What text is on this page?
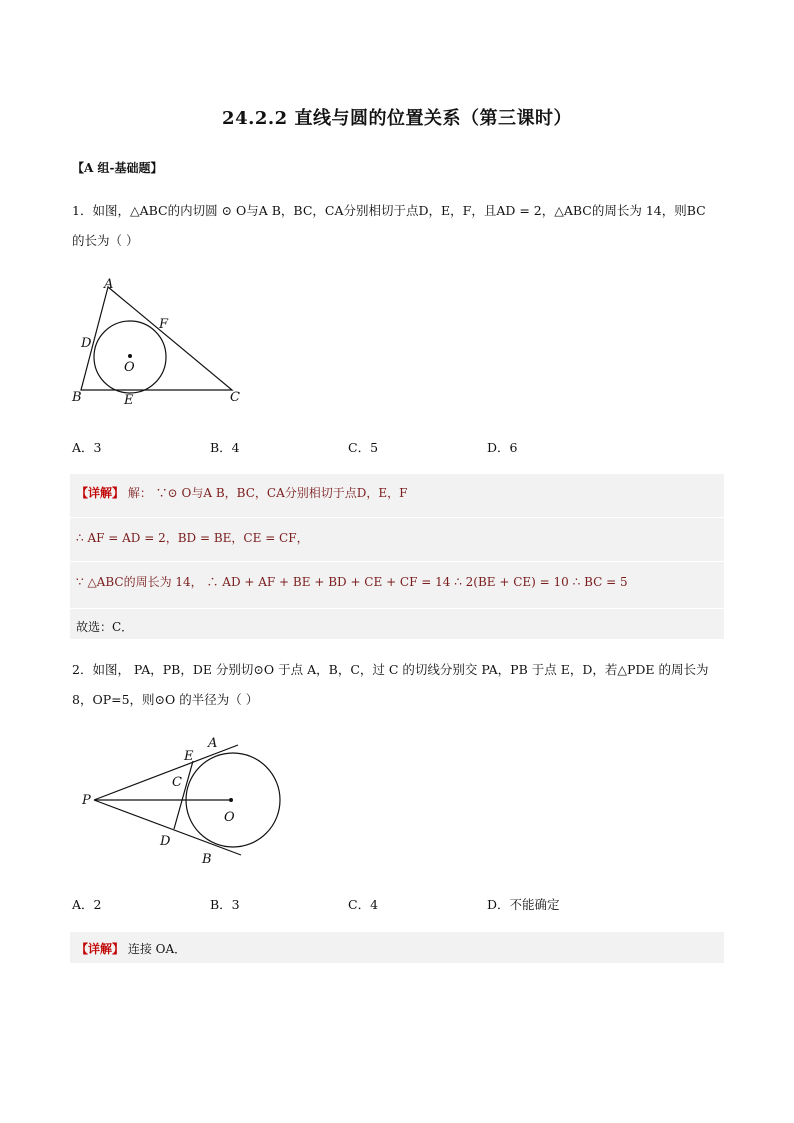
24.2.2 直线与圆的位置关系（第三课时）
【A 组-基础题】
1．如图，△ABC的内切圆 ⊙ O与A B，BC，CA分别相切于点D，E，F，且AD = 2，△ABC的周长为 14，则BC
的长为（ ）
A
B	C
D
E
F
O
A．3	B．4	C．5	D．6
【详解】 解： ∵⊙ O与A B，BC，CA分别相切于点D，E，F
∴ AF = AD = 2，BD = BE，CE = CF，
∵ △ABC的周长为 14， ∴ AD + AF + BE + BD + CE + CF = 14 ∴ 2(BE + CE) = 10 ∴ BC = 5
故选：C．
2．如图， PA，PB，DE 分别切⊙O 于点 A，B，C，过 C 的切线分别交 PA，PB 于点 E，D，若△PDE 的周长为
8，OP=5，则⊙O 的半径为（ ）
P
A
E
C
D
B
O
A．2	B．3	C．4	D．不能确定
【详解】 连接 OA．
